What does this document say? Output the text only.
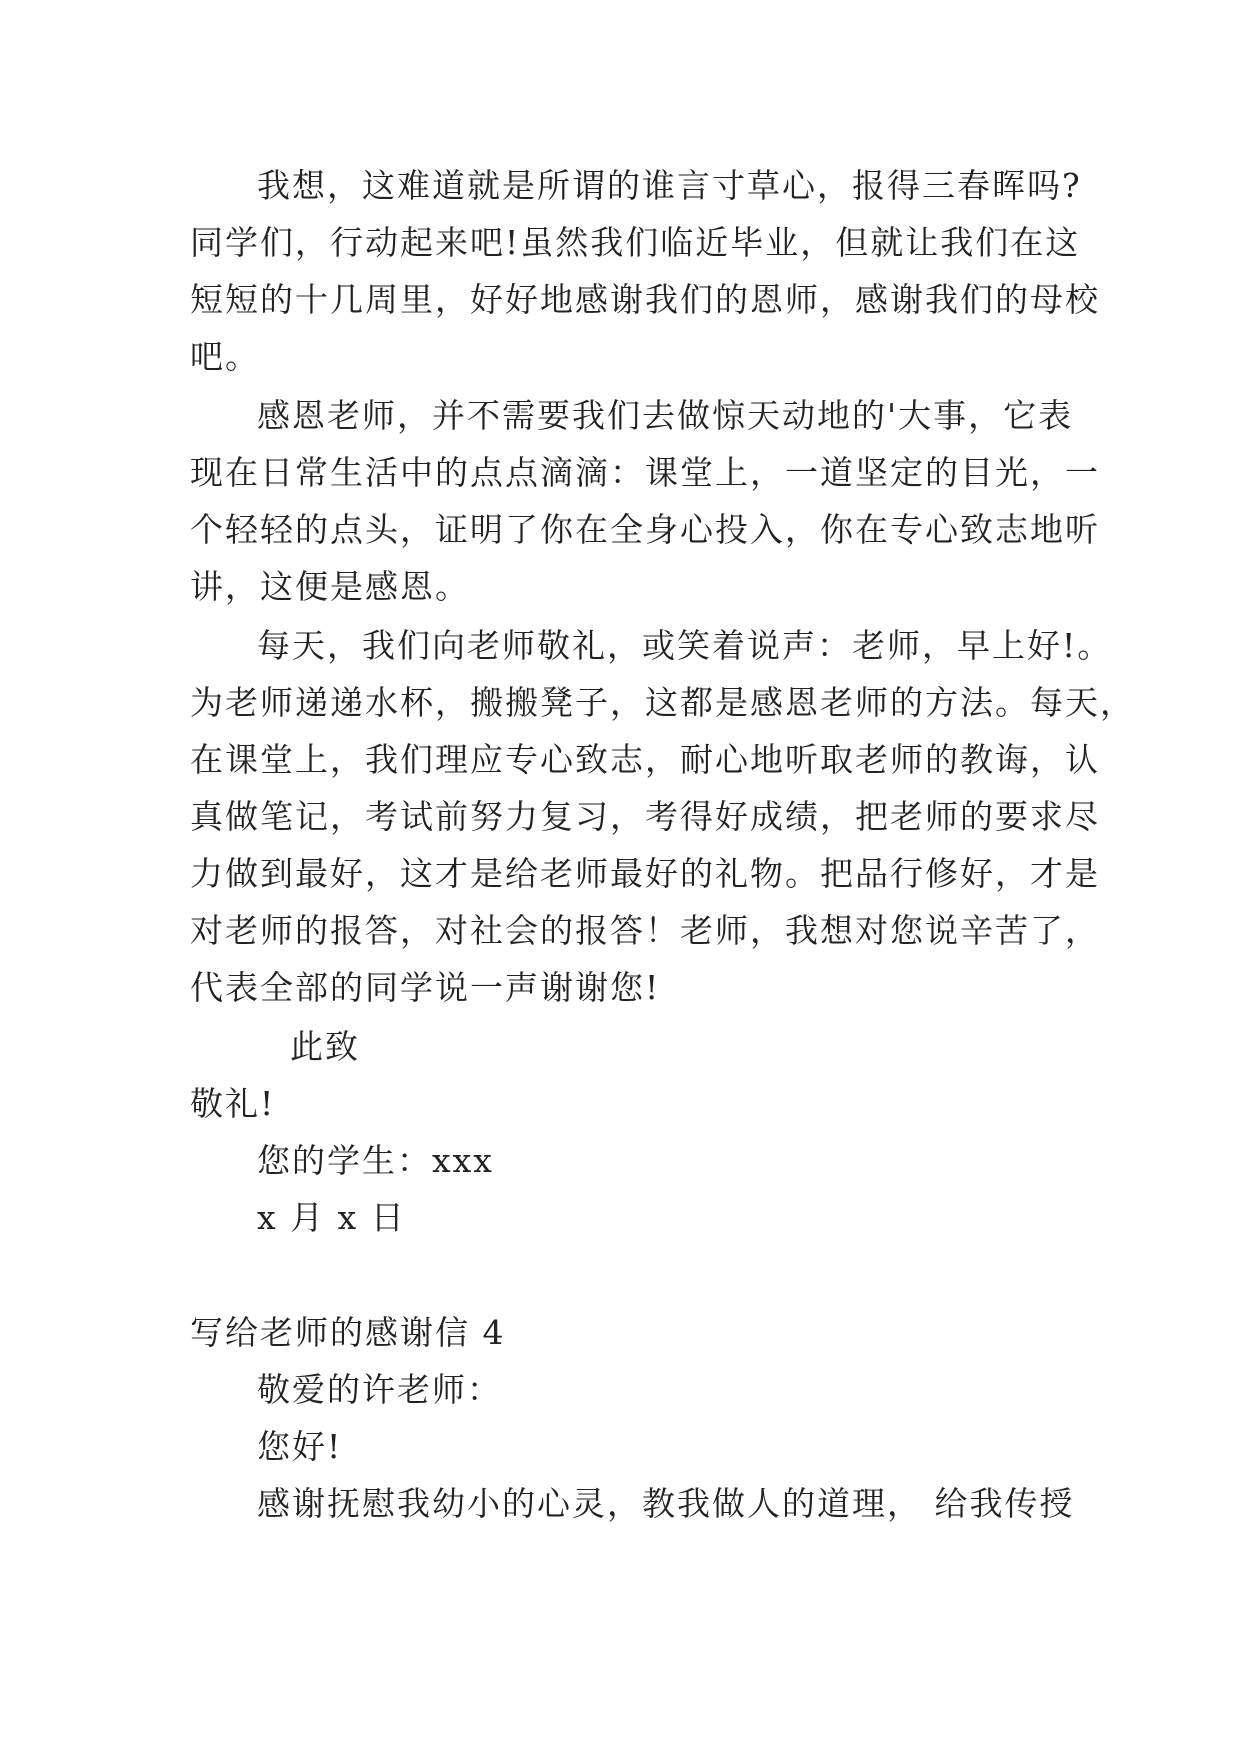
我想，这难道就是所谓的谁言寸草心，报得三春晖吗?
同学们，行动起来吧!虽然我们临近毕业，但就让我们在这
短短的十几周里，好好地感谢我们的恩师，感谢我们的母校
吧。
感恩老师，并不需要我们去做惊天动地的'大事，它表
现在日常生活中的点点滴滴：课堂上，一道坚定的目光，一
个轻轻的点头，证明了你在全身心投入，你在专心致志地听
讲，这便是感恩。
每天，我们向老师敬礼，或笑着说声：老师，早上好!。
为老师递递水杯，搬搬凳子，这都是感恩老师的方法。每天，
在课堂上，我们理应专心致志，耐心地听取老师的教诲，认
真做笔记，考试前努力复习，考得好成绩，把老师的要求尽
力做到最好，这才是给老师最好的礼物。把品行修好，才是
对老师的报答，对社会的报答！老师，我想对您说辛苦了，
代表全部的同学说一声谢谢您!
此致
敬礼!
您的学生：xxx
x 月 x 日
写给老师的感谢信 4
敬爱的许老师：
您好!
感谢抚慰我幼小的心灵，教我做人的道理， 给我传授
